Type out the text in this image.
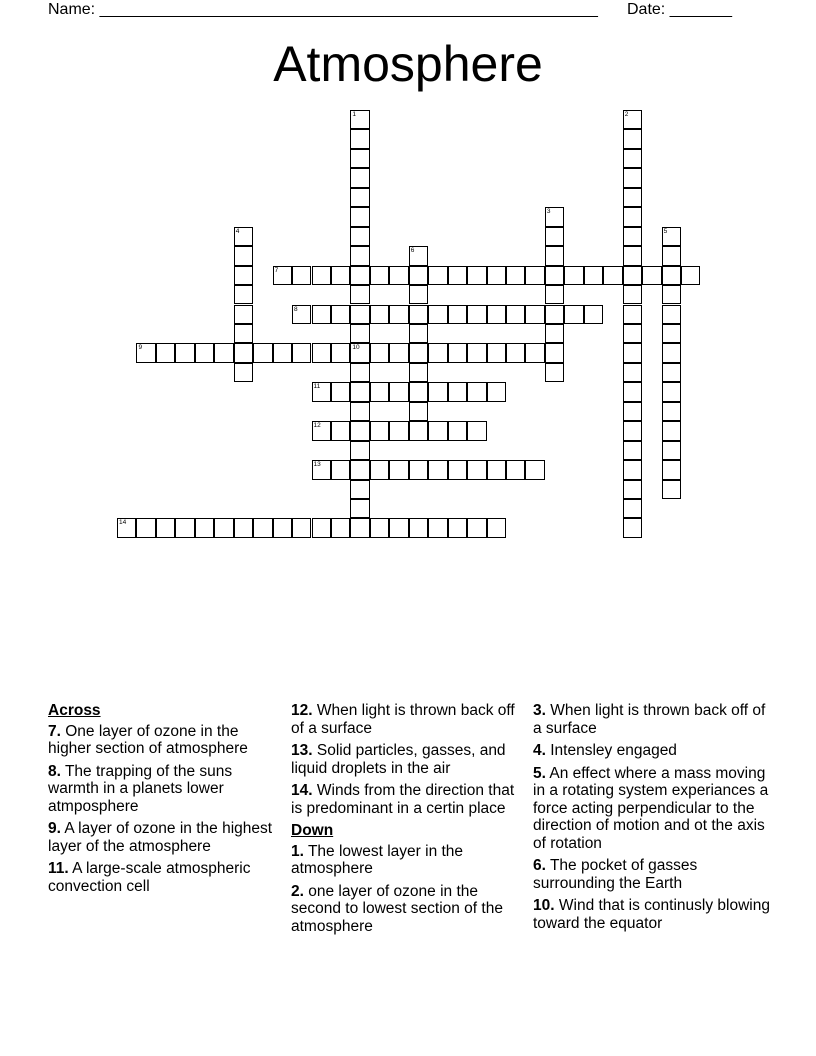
Name: ________________________________________________________ Date: _______
Atmosphere
7
8
9	10
11
12
13
14
1	2
3
4	5
6
Across
7. One layer of ozone in the higher section of atmosphere
8. The trapping of the suns warmth in a planets lower atmposphere
9. A layer of ozone in the highest layer of the atmosphere
11. A large-scale atmospheric convection cell
12. When light is thrown back off of a surface
13. Solid particles, gasses, and liquid droplets in the air
14. Winds from the direction that is predominant in a certin place
Down
1. The lowest layer in the atmosphere
2. one layer of ozone in the second to lowest section of the atmosphere
3. When light is thrown back off of a surface
4. Intensley engaged
5. An effect where a mass moving in a rotating system experiances a force acting perpendicular to the direction of motion and ot the axis of rotation
6. The pocket of gasses surrounding the Earth
10. Wind that is continusly blowing toward the equator
